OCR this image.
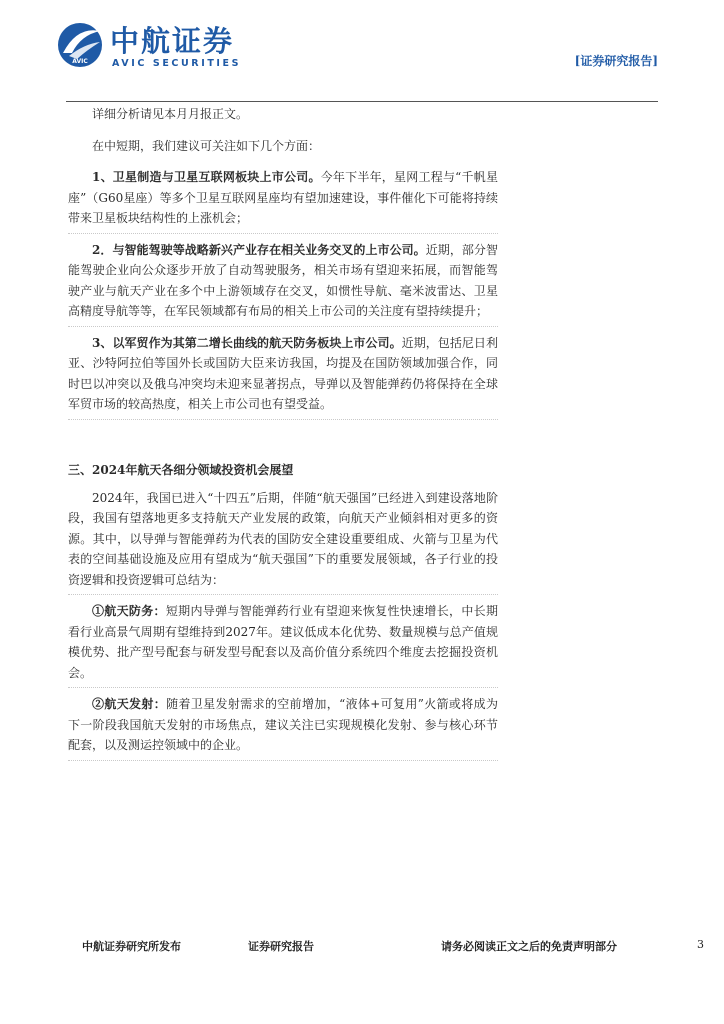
AVIC
中航证券
AVIC SECURITIES	[证券研究报告]

详细分析请见本月月报正文。

在中短期，我们建议可关注如下几个方面：

1、卫星制造与卫星互联网板块上市公司。今年下半年，星网工程与“千帆星座”（G60星座）等多个卫星互联网星座均有望加速建设，事件催化下可能将持续带来卫星板块结构性的上涨机会；

2．与智能驾驶等战略新兴产业存在相关业务交叉的上市公司。近期，部分智能驾驶企业向公众逐步开放了自动驾驶服务，相关市场有望迎来拓展，而智能驾驶产业与航天产业在多个中上游领域存在交叉，如惯性导航、毫米波雷达、卫星高精度导航等等，在军民领域都有布局的相关上市公司的关注度有望持续提升；

3、以军贸作为其第二增长曲线的航天防务板块上市公司。近期，包括尼日利亚、沙特阿拉伯等国外长或国防大臣来访我国，均提及在国防领域加强合作，同时巴以冲突以及俄乌冲突均未迎来显著拐点，导弹以及智能弹药仍将保持在全球军贸市场的较高热度，相关上市公司也有望受益。

三、2024年航天各细分领域投资机会展望

2024年，我国已进入“十四五”后期，伴随“航天强国”已经进入到建设落地阶段，我国有望落地更多支持航天产业发展的政策，向航天产业倾斜相对更多的资源。其中，以导弹与智能弹药为代表的国防安全建设重要组成、火箭与卫星为代表的空间基础设施及应用有望成为“航天强国”下的重要发展领域，各子行业的投资逻辑和投资逻辑可总结为：

①航天防务：短期内导弹与智能弹药行业有望迎来恢复性快速增长，中长期看行业高景气周期有望维持到2027年。建议低成本化优势、数量规模与总产值规模优势、批产型号配套与研发型号配套以及高价值分系统四个维度去挖掘投资机会。

②航天发射：随着卫星发射需求的空前增加，“液体+可复用”火箭或将成为下一阶段我国航天发射的市场焦点，建议关注已实现规模化发射、参与核心环节配套，以及测运控领域中的企业。

中航证券研究所发布	证券研究报告	请务必阅读正文之后的免责声明部分	3
